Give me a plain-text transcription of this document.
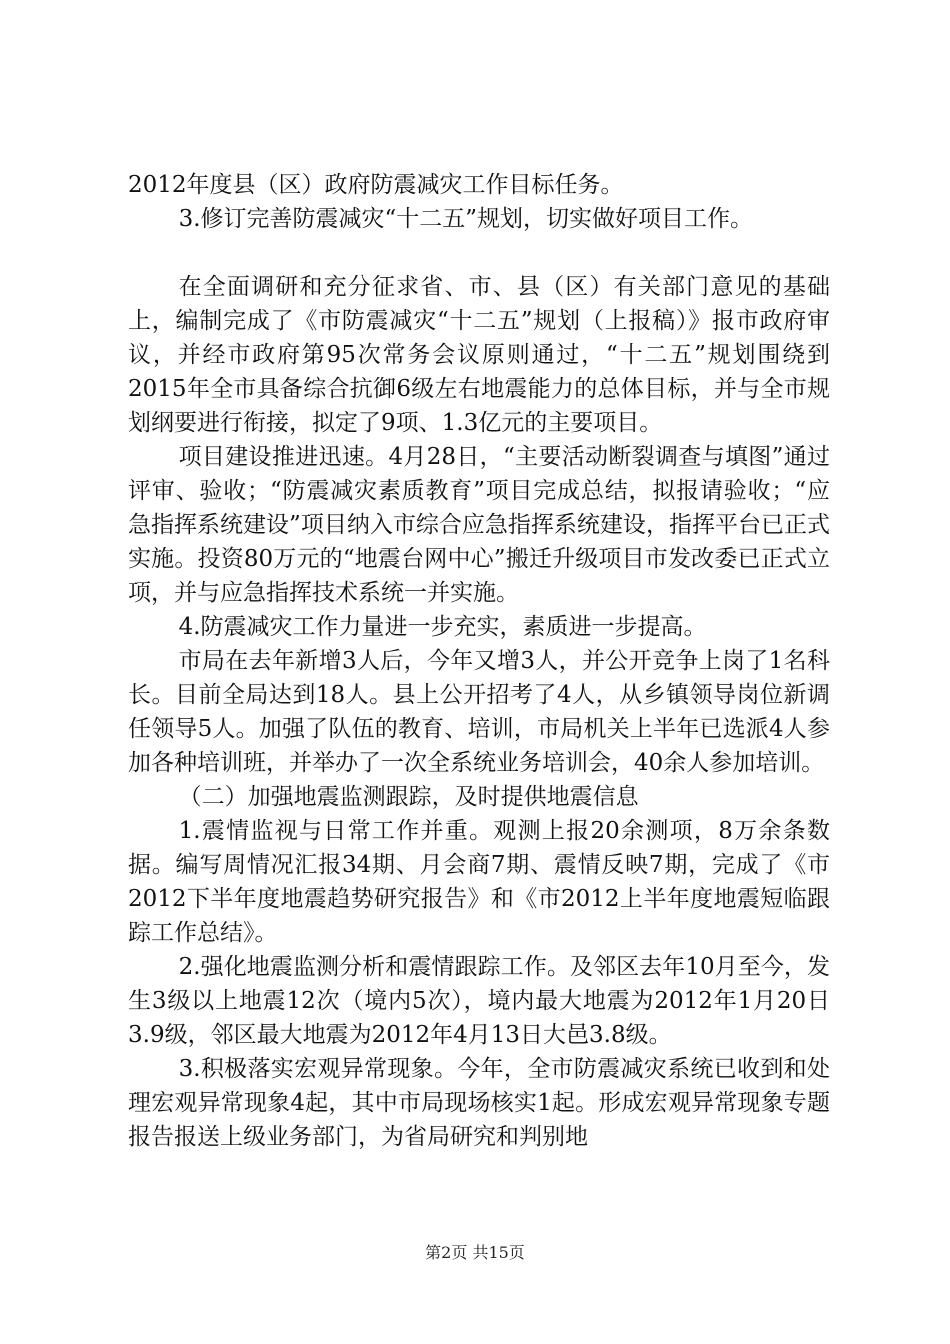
2012年度县（区）政府防震减灾工作目标任务。

3.修订完善防震减灾“十二五”规划，切实做好项目工作。

在全面调研和充分征求省、市、县（区）有关部门意见的基础上，编制完成了《市防震减灾“十二五”规划（上报稿）》报市政府审议，并经市政府第95次常务会议原则通过，“十二五”规划围绕到2015年全市具备综合抗御6级左右地震能力的总体目标，并与全市规划纲要进行衔接，拟定了9项、1.3亿元的主要项目。

项目建设推进迅速。4月28日，“主要活动断裂调查与填图”通过评审、验收；“防震减灾素质教育”项目完成总结，拟报请验收；“应急指挥系统建设”项目纳入市综合应急指挥系统建设，指挥平台已正式实施。投资80万元的“地震台网中心”搬迁升级项目市发改委已正式立项，并与应急指挥技术系统一并实施。

4.防震减灾工作力量进一步充实，素质进一步提高。

市局在去年新增3人后，今年又增3人，并公开竞争上岗了1名科长。目前全局达到18人。县上公开招考了4人，从乡镇领导岗位新调任领导5人。加强了队伍的教育、培训，市局机关上半年已选派4人参加各种培训班，并举办了一次全系统业务培训会，40余人参加培训。

（二）加强地震监测跟踪，及时提供地震信息

1.震情监视与日常工作并重。观测上报20余测项，8万余条数据。编写周情况汇报34期、月会商7期、震情反映7期，完成了《市2012下半年度地震趋势研究报告》和《市2012上半年度地震短临跟踪工作总结》。

2.强化地震监测分析和震情跟踪工作。及邻区去年10月至今，发生3级以上地震12次（境内5次），境内最大地震为2012年1月20日3.9级，邻区最大地震为2012年4月13日大邑3.8级。

3.积极落实宏观异常现象。今年，全市防震减灾系统已收到和处理宏观异常现象4起，其中市局现场核实1起。形成宏观异常现象专题报告报送上级业务部门，为省局研究和判别地

第2页 共15页
